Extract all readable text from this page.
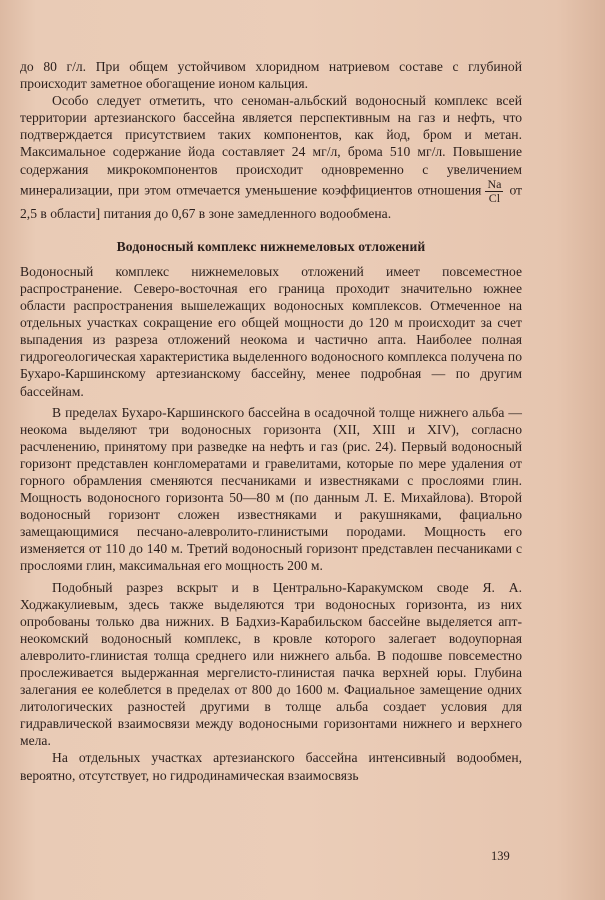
до 80 г/л. При общем устойчивом хлоридном натриевом составе с глубиной происходит заметное обогащение ионом кальция.

Особо следует отметить, что сеноман-альбский водоносный комплекс всей территории артезианского бассейна является перспективным на газ и нефть, что подтверждается присутствием таких компонентов, как йод, бром и метан. Максимальное содержание йода составляет 24 мг/л, брома 510 мг/л. Повышение содержания микрокомпонентов происходит одновременно с увеличением минерализации, при этом отмечается уменьшение коэффициентов отношения $\frac{Na}{Cl}$ от 2,5 в области] питания до 0,67 в зоне замедленного водообмена.

Водоносный комплекс нижнемеловых отложений

Водоносный комплекс нижнемеловых отложений имеет повсеместное распространение. Северо-восточная его граница проходит значительно южнее области распространения вышележащих водоносных комплексов. Отмеченное на отдельных участках сокращение его общей мощности до 120 м происходит за счет выпадения из разреза отложений неокома и частично апта. Наиболее полная гидрогеологическая характеристика выделенного водоносного комплекса получена по Бухаро-Каршинскому артезианскому бассейну, менее подробная — по другим бассейнам.

В пределах Бухаро-Каршинского бассейна в осадочной толще нижнего альба — неокома выделяют три водоносных горизонта (XII, XIII и XIV), согласно расчленению, принятому при разведке на нефть и газ (рис. 24). Первый водоносный горизонт представлен конгломератами и гравелитами, которые по мере удаления от горного обрамления сменяются песчаниками и известняками с прослоями глин. Мощность водоносного горизонта 50—80 м (по данным Л. Е. Михайлова). Второй водоносный горизонт сложен известняками и ракушняками, фациально замещающимися песчано-алевролито-глинистыми породами. Мощность его изменяется от 110 до 140 м. Третий водоносный горизонт представлен песчаниками с прослоями глин, максимальная его мощность 200 м.

Подобный разрез вскрыт и в Центрально-Каракумском своде Я. А. Ходжакулиевым, здесь также выделяются три водоносных горизонта, из них опробованы только два нижних. В Бадхиз-Карабильском бассейне выделяется апт-неокомский водоносный комплекс, в кровле которого залегает водоупорная алевролито-глинистая толща среднего или нижнего альба. В подошве повсеместно прослеживается выдержанная мергелисто-глинистая пачка верхней юры. Глубина залегания ее колеблется в пределах от 800 до 1600 м. Фациальное замещение одних литологических разностей другими в толще альба создает условия для гидравлической взаимосвязи между водоносными горизонтами нижнего и верхнего мела.

На отдельных участках артезианского бассейна интенсивный водообмен, вероятно, отсутствует, но гидродинамическая взаимосвязь

139
